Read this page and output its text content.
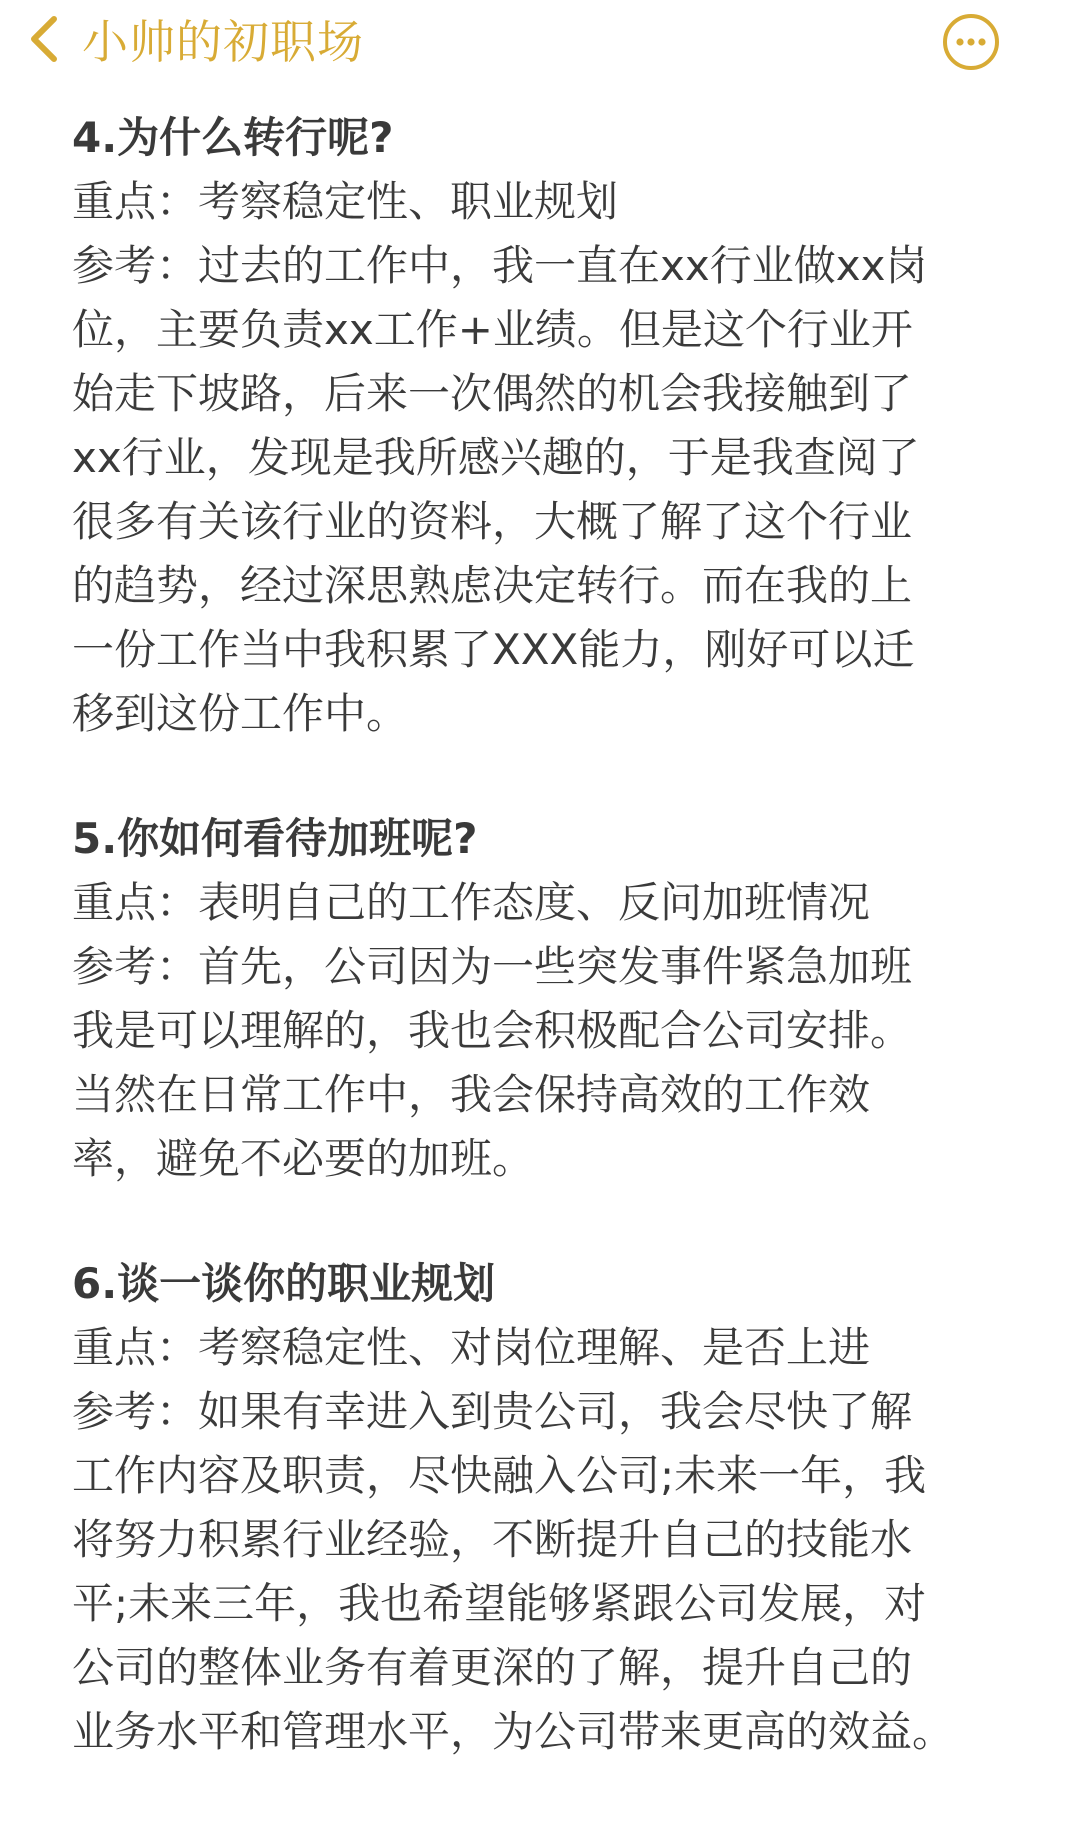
小帅的初职场
4.为什么转行呢?
重点：考察稳定性、职业规划
参考：过去的工作中，我一直在xx行业做xx岗
位，主要负责xx工作+业绩。但是这个行业开
始走下坡路，后来一次偶然的机会我接触到了
xx行业，发现是我所感兴趣的，于是我查阅了
很多有关该行业的资料，大概了解了这个行业
的趋势，经过深思熟虑决定转行。而在我的上
一份工作当中我积累了XXX能力，刚好可以迁
移到这份工作中。
5.你如何看待加班呢?
重点：表明自己的工作态度、反问加班情况
参考：首先，公司因为一些突发事件紧急加班
我是可以理解的，我也会积极配合公司安排。
当然在日常工作中，我会保持高效的工作效
率，避免不必要的加班。
6.谈一谈你的职业规划
重点：考察稳定性、对岗位理解、是否上进
参考：如果有幸进入到贵公司，我会尽快了解
工作内容及职责，尽快融入公司;未来一年，我
将努力积累行业经验，不断提升自己的技能水
平;未来三年，我也希望能够紧跟公司发展，对
公司的整体业务有着更深的了解，提升自己的
业务水平和管理水平，为公司带来更高的效益。
